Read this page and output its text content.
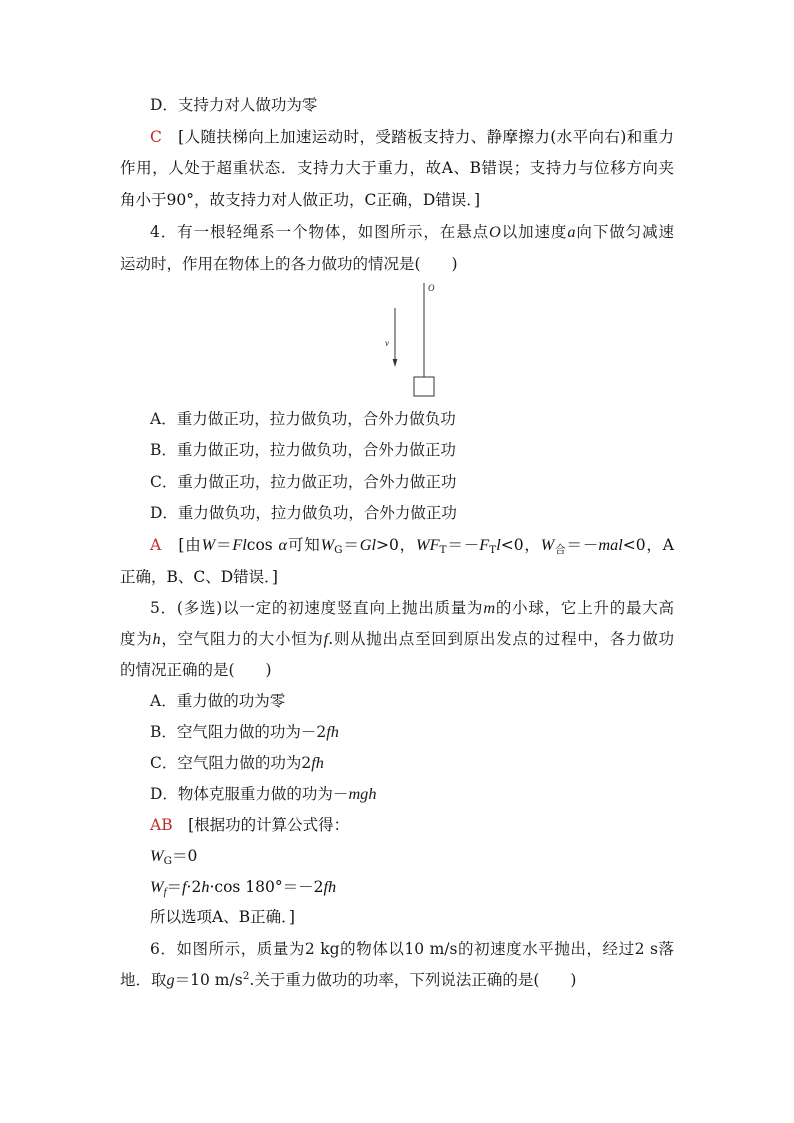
D．支持力对人做功为零
C　[人随扶梯向上加速运动时，受踏板支持力、静摩擦力(水平向右)和重力
作用，人处于超重状态．支持力大于重力，故A、B错误；支持力与位移方向夹
角小于90°，故支持力对人做正功，C正确，D错误．]
4．有一根轻绳系一个物体，如图所示，在悬点O以加速度a向下做匀减速
运动时，作用在物体上的各力做功的情况是(　　)
O
v
A．重力做正功，拉力做负功，合外力做负功
B．重力做正功，拉力做负功，合外力做正功
C．重力做正功，拉力做正功，合外力做正功
D．重力做负功，拉力做负功，合外力做正功
A　[由W＝Flcos α可知$W_G=Gl>0$，$WF_T=-F_Tl<0$，$W_合=-mal<0$，A
正确，B、C、D错误．]
5．(多选)以一定的初速度竖直向上抛出质量为m的小球，它上升的最大高
度为h，空气阻力的大小恒为f.则从抛出点至回到原出发点的过程中，各力做功
的情况正确的是(　　)
A．重力做的功为零
B．空气阻力做的功为－2fh
C．空气阻力做的功为2fh
D．物体克服重力做的功为－mgh
AB　[根据功的计算公式得：
$W_G=0$
$W_f=f\cdot 2h\cdot\cos$ 180°＝－2fh
所以选项A、B正确．]
6．如图所示，质量为2 kg的物体以10 m/s的初速度水平抛出，经过2 s落
地．取g＝10 $m/s^2$.关于重力做功的功率，下列说法正确的是(　　)
